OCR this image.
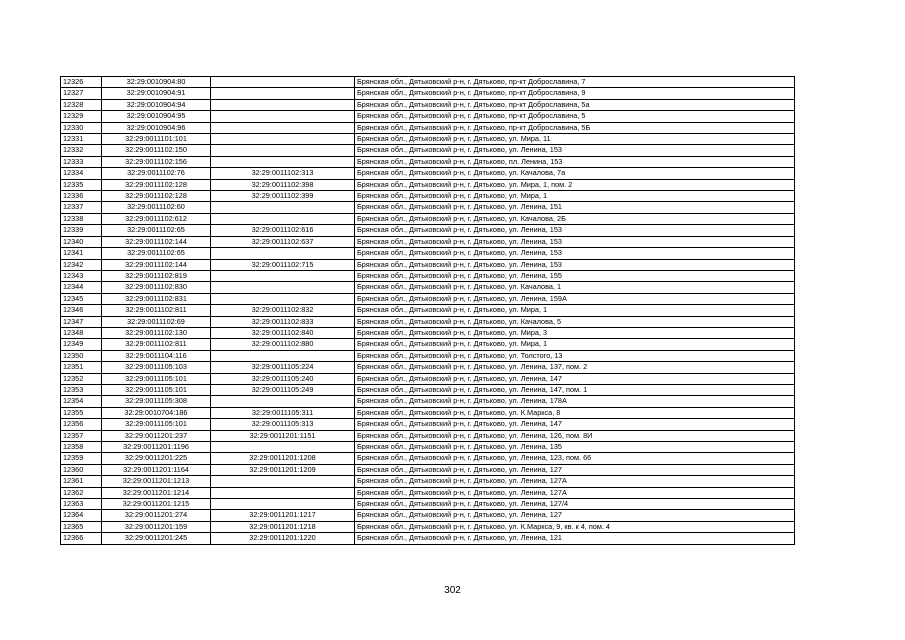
12326	32:29:0010904:80		Брянская обл., Дятьковский р-н, г. Дятьково, пр-кт Доброславина, 7
12327	32:29:0010904:91		Брянская обл., Дятьковский р-н, г. Дятьково, пр-кт Доброславина, 9
12328	32:29:0010904:94		Брянская обл., Дятьковский р-н, г. Дятьково, пр-кт Доброславина, 5а
12329	32:29:0010904:95		Брянская обл., Дятьковский р-н, г. Дятьково, пр-кт Доброславина, 5
12330	32:29:0010904:96		Брянская обл., Дятьковский р-н, г. Дятьково, пр-кт Доброславина, 5Б
12331	32:29:0011101:101		Брянская обл., Дятьковский р-н, г. Дятьково, ул. Мира, 11
12332	32:29:0011102:150		Брянская обл., Дятьковский р-н, г. Дятьково, ул. Ленина, 153
12333	32:29:0011102:156		Брянская обл., Дятьковский р-н, г. Дятьково, пл. Ленина, 153
12334	32:29:0011102:76	32:29:0011102:313	Брянская обл., Дятьковский р-н, г. Дятьково, ул. Качалова, 7а
12335	32:29:0011102:128	32:29:0011102:398	Брянская обл., Дятьковский р-н, г. Дятьково, ул. Мира, 1, пом. 2
12336	32:29:0011102:128	32:29:0011102:399	Брянская обл., Дятьковский р-н, г. Дятьково, ул. Мира, 1
12337	32:29:0011102:60		Брянская обл., Дятьковский р-н, г. Дятьково, ул. Ленина, 151
12338	32:29:0011102:612		Брянская обл., Дятьковский р-н, г. Дятьково, ул. Качалова, 2Б
12339	32:29:0011102:65	32:29:0011102:616	Брянская обл., Дятьковский р-н, г. Дятьково, ул. Ленина, 153
12340	32:29:0011102:144	32:29:0011102:637	Брянская обл., Дятьковский р-н, г. Дятьково, ул. Ленина, 153
12341	32:29:0011102:65		Брянская обл., Дятьковский р-н, г. Дятьково, ул. Ленина, 153
12342	32:29:0011102:144	32:29:0011102:715	Брянская обл., Дятьковский р-н, г. Дятьково, ул. Ленина, 153
12343	32:29:0011102:819		Брянская обл., Дятьковский р-н, г. Дятьково, ул. Ленина, 155
12344	32:29:0011102:830		Брянская обл., Дятьковский р-н, г. Дятьково, ул. Качалова, 1
12345	32:29:0011102:831		Брянская обл., Дятьковский р-н, г. Дятьково, ул. Ленина, 159А
12346	32:29:0011102:811	32:29:0011102:832	Брянская обл., Дятьковский р-н, г. Дятьково, ул. Мира, 1
12347	32:29:0011102:69	32:29:0011102:833	Брянская обл., Дятьковский р-н, г. Дятьково, ул. Качалова, 5
12348	32:29:0011102:130	32:29:0011102:840	Брянская обл., Дятьковский р-н, г. Дятьково, ул. Мира, 3
12349	32:29:0011102:811	32:29:0011102:880	Брянская обл., Дятьковский р-н, г. Дятьково, ул. Мира, 1
12350	32:29:0011104:116		Брянская обл., Дятьковский р-н, г. Дятьково, ул. Толстого, 13
12351	32:29:0011105:103	32:29:0011105:224	Брянская обл., Дятьковский р-н, г. Дятьково, ул. Ленина, 137, пом. 2
12352	32:29:0011105:101	32:29:0011105:240	Брянская обл., Дятьковский р-н, г. Дятьково, ул. Ленина, 147
12353	32:29:0011105:101	32:29:0011105:249	Брянская обл., Дятьковский р-н, г. Дятьково, ул. Ленина, 147, пом. 1
12354	32:29:0011105:308		Брянская обл., Дятьковский р-н, г. Дятьково, ул. Ленина, 178А
12355	32:29:0010704:186	32:29:0011105:311	Брянская обл., Дятьковский р-н, г. Дятьково, ул. К.Маркса, 8
12356	32:29:0011105:101	32:29:0011105:313	Брянская обл., Дятьковский р-н, г. Дятьково, ул. Ленина, 147
12357	32:29:0011201:237	32:29:0011201:1151	Брянская обл., Дятьковский р-н, г. Дятьково, ул. Ленина, 126, пом. 8И
12358	32:29:0011201:1196		Брянская обл., Дятьковский р-н, г. Дятьково, ул. Ленина, 135
12359	32:29:0011201:225	32:29:0011201:1208	Брянская обл., Дятьковский р-н, г. Дятьково, ул. Ленина, 123, пом. 66
12360	32:29:0011201:1164	32:29:0011201:1209	Брянская обл., Дятьковский р-н, г. Дятьково, ул. Ленина, 127
12361	32:29:0011201:1213		Брянская обл., Дятьковский р-н, г. Дятьково, ул. Ленина, 127А
12362	32:29:0011201:1214		Брянская обл., Дятьковский р-н, г. Дятьково, ул. Ленина, 127А
12363	32:29:0011201:1215		Брянская обл., Дятьковский р-н, г. Дятьково, ул. Ленина, 127/4
12364	32:29:0011201:274	32:29:0011201:1217	Брянская обл., Дятьковский р-н, г. Дятьково, ул. Ленина, 127
12365	32:29:0011201:159	32:29:0011201:1218	Брянская обл., Дятьковский р-н, г. Дятьково, ул. К.Маркса, 9, кв. к 4, пом. 4
12366	32:29:0011201:245	32:29:0011201:1220	Брянская обл., Дятьковский р-н, г. Дятьково, ул. Ленина, 121
302
